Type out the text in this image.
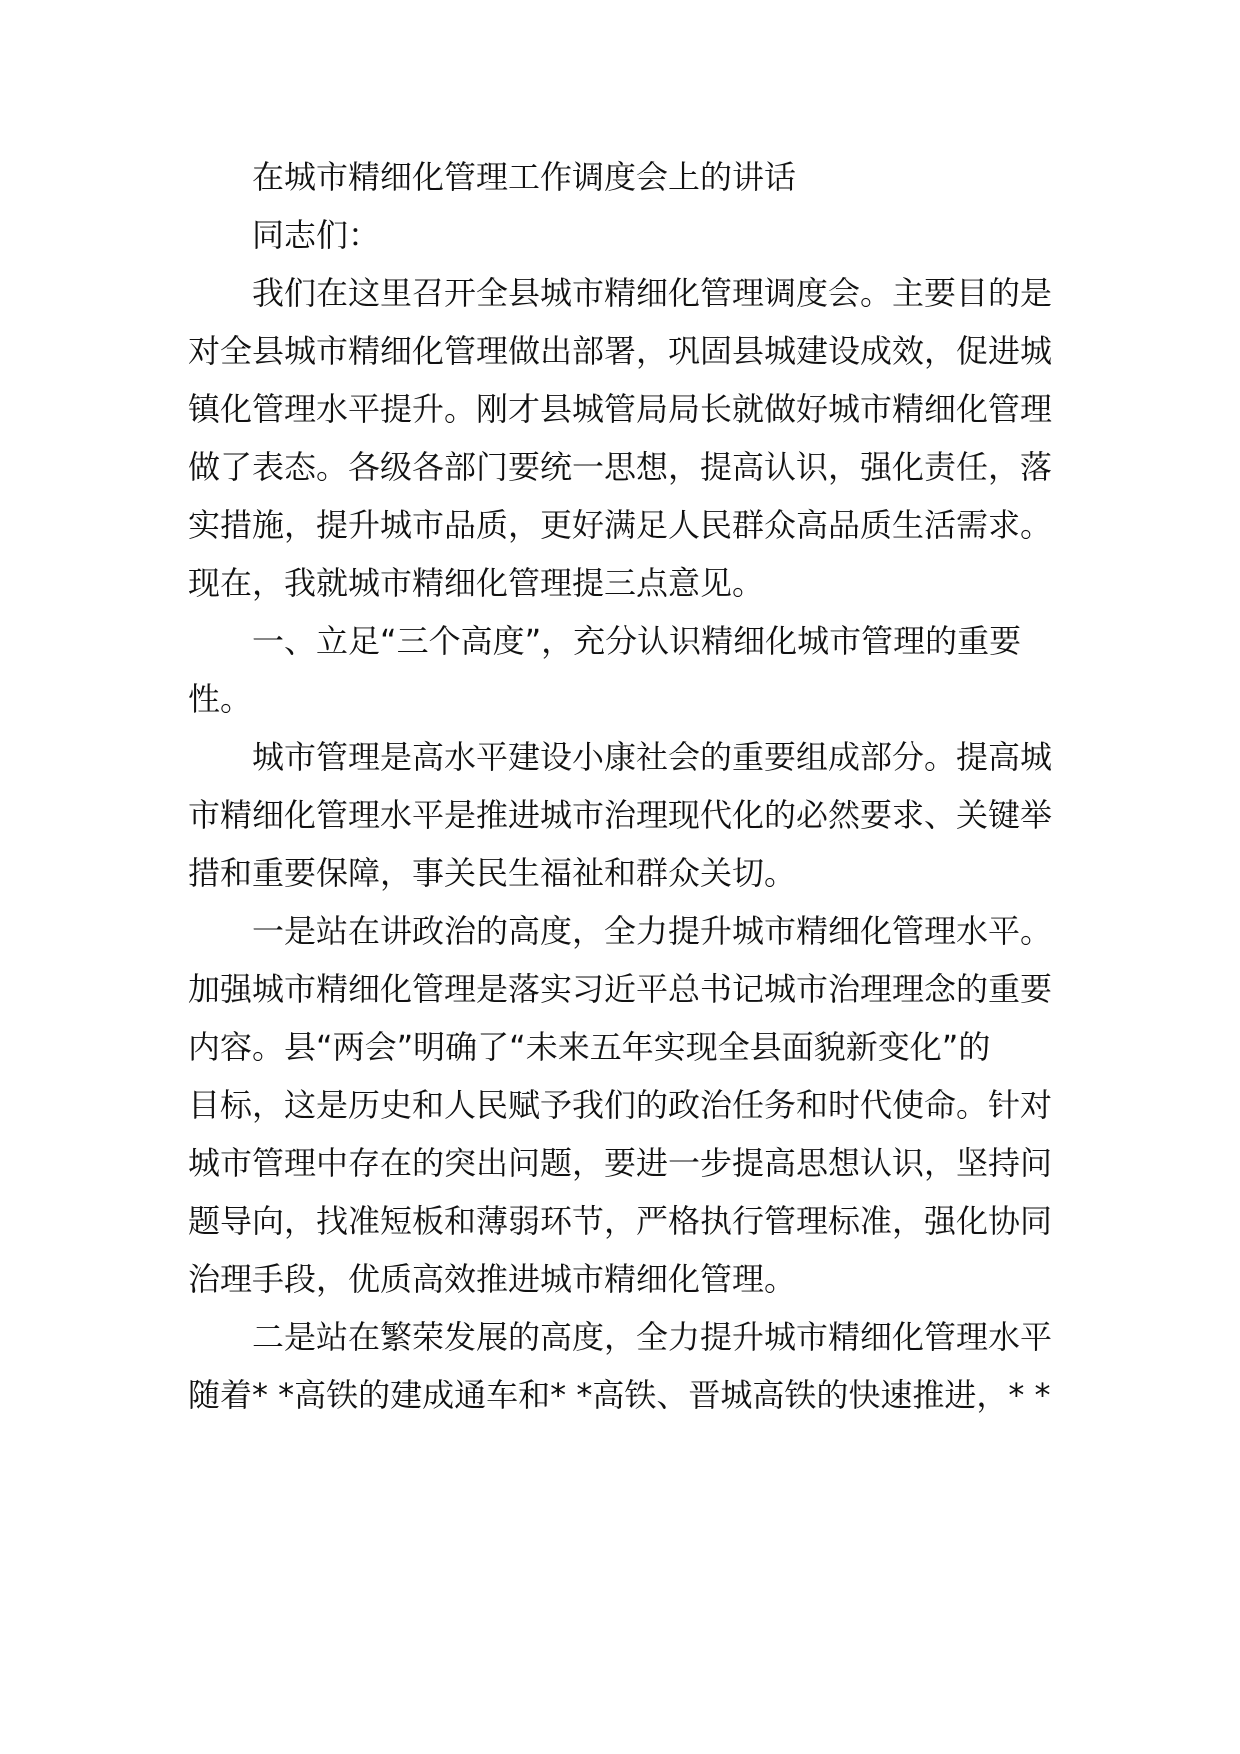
在城市精细化管理工作调度会上的讲话
同志们：
我们在这里召开全县城市精细化管理调度会。主要目的是
对全县城市精细化管理做出部署，巩固县城建设成效，促进城
镇化管理水平提升。刚才县城管局局长就做好城市精细化管理
做了表态。各级各部门要统一思想，提高认识，强化责任，落
实措施，提升城市品质，更好满足人民群众高品质生活需求。
现在，我就城市精细化管理提三点意见。
一、立足“三个高度”，充分认识精细化城市管理的重要
性。
城市管理是高水平建设小康社会的重要组成部分。提高城
市精细化管理水平是推进城市治理现代化的必然要求、关键举
措和重要保障，事关民生福祉和群众关切。
一是站在讲政治的高度，全力提升城市精细化管理水平。
加强城市精细化管理是落实习近平总书记城市治理理念的重要
内容。县“两会”明确了“未来五年实现全县面貌新变化”的
目标，这是历史和人民赋予我们的政治任务和时代使命。针对
城市管理中存在的突出问题，要进一步提高思想认识，坚持问
题导向，找准短板和薄弱环节，严格执行管理标准，强化协同
治理手段，优质高效推进城市精细化管理。
二是站在繁荣发展的高度，全力提升城市精细化管理水平
随着* *高铁的建成通车和* *高铁、晋城高铁的快速推进，* *
